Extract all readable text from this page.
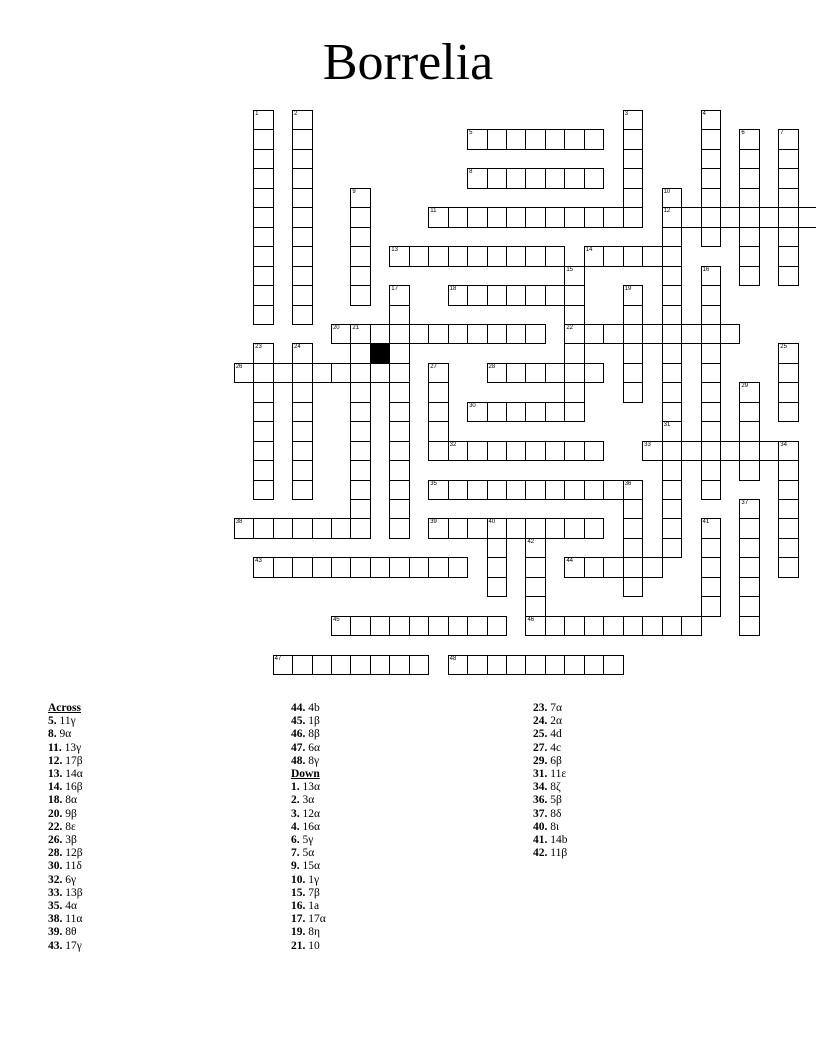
Borrelia
1	2	3	4
5	6	7
8
9	10
12
11
13	14
15
22
16
17	18	19
20 21
23	24	25
26	27	28
29
30
31
32	33	34
35	36
37
38	39	40	41
42
46
43	44
45
47	48
Across
5. 11γ
8. 9α
11. 13γ
12. 17β
13. 14α
14. 16β
18. 8α
20. 9β
22. 8ε
26. 3β
28. 12β
30. 11δ
32. 6γ
33. 13β
35. 4α
38. 11α
39. 8θ
43. 17γ
44. 4b
45. 1β
46. 8β
47. 6α
48. 8γ
Down
1. 13α
2. 3α
3. 12α
4. 16α
6. 5γ
7. 5α
9. 15α
10. 1γ
15. 7β
16. 1a
17. 17α
19. 8η
21. 10
23. 7α
24. 2α
25. 4d
27. 4c
29. 6β
31. 11ε
34. 8ζ
36. 5β
37. 8δ
40. 8ι
41. 14b
42. 11β
